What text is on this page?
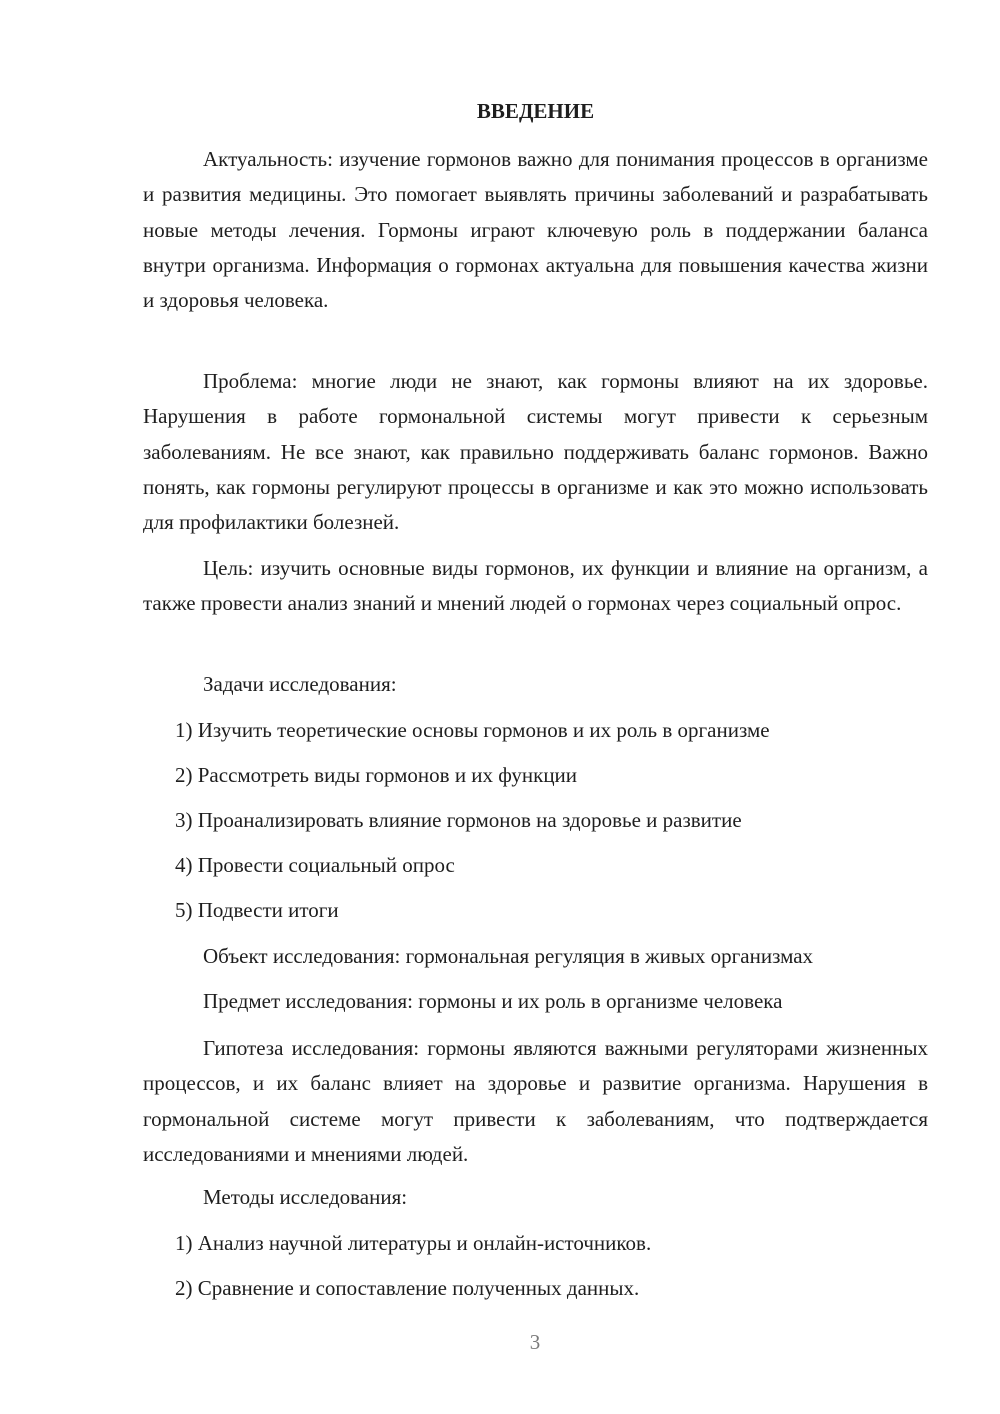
ВВЕДЕНИЕ

Актуальность: изучение гормонов важно для понимания процессов в организме и развития медицины. Это помогает выявлять причины заболеваний и разрабатывать новые методы лечения. Гормоны играют ключевую роль в поддержании баланса внутри организма. Информация о гормонах актуальна для повышения качества жизни и здоровья человека.

Проблема: многие люди не знают, как гормоны влияют на их здоровье. Нарушения в работе гормональной системы могут привести к серьезным заболеваниям. Не все знают, как правильно поддерживать баланс гормонов. Важно понять, как гормоны регулируют процессы в организме и как это можно использовать для профилактики болезней.

Цель: изучить основные виды гормонов, их функции и влияние на организм, а также провести анализ знаний и мнений людей о гормонах через социальный опрос.

Задачи исследования:

1) Изучить теоретические основы гормонов и их роль в организме

2) Рассмотреть виды гормонов и их функции

3) Проанализировать влияние гормонов на здоровье и развитие

4) Провести социальный опрос

5) Подвести итоги

Объект исследования: гормональная регуляция в живых организмах

Предмет исследования: гормоны и их роль в организме человека

Гипотеза исследования: гормоны являются важными регуляторами жизненных процессов, и их баланс влияет на здоровье и развитие организма. Нарушения в гормональной системе могут привести к заболеваниям, что подтверждается исследованиями и мнениями людей.

Методы исследования:

1) Анализ научной литературы и онлайн-источников.

2) Сравнение и сопоставление полученных данных.

3
